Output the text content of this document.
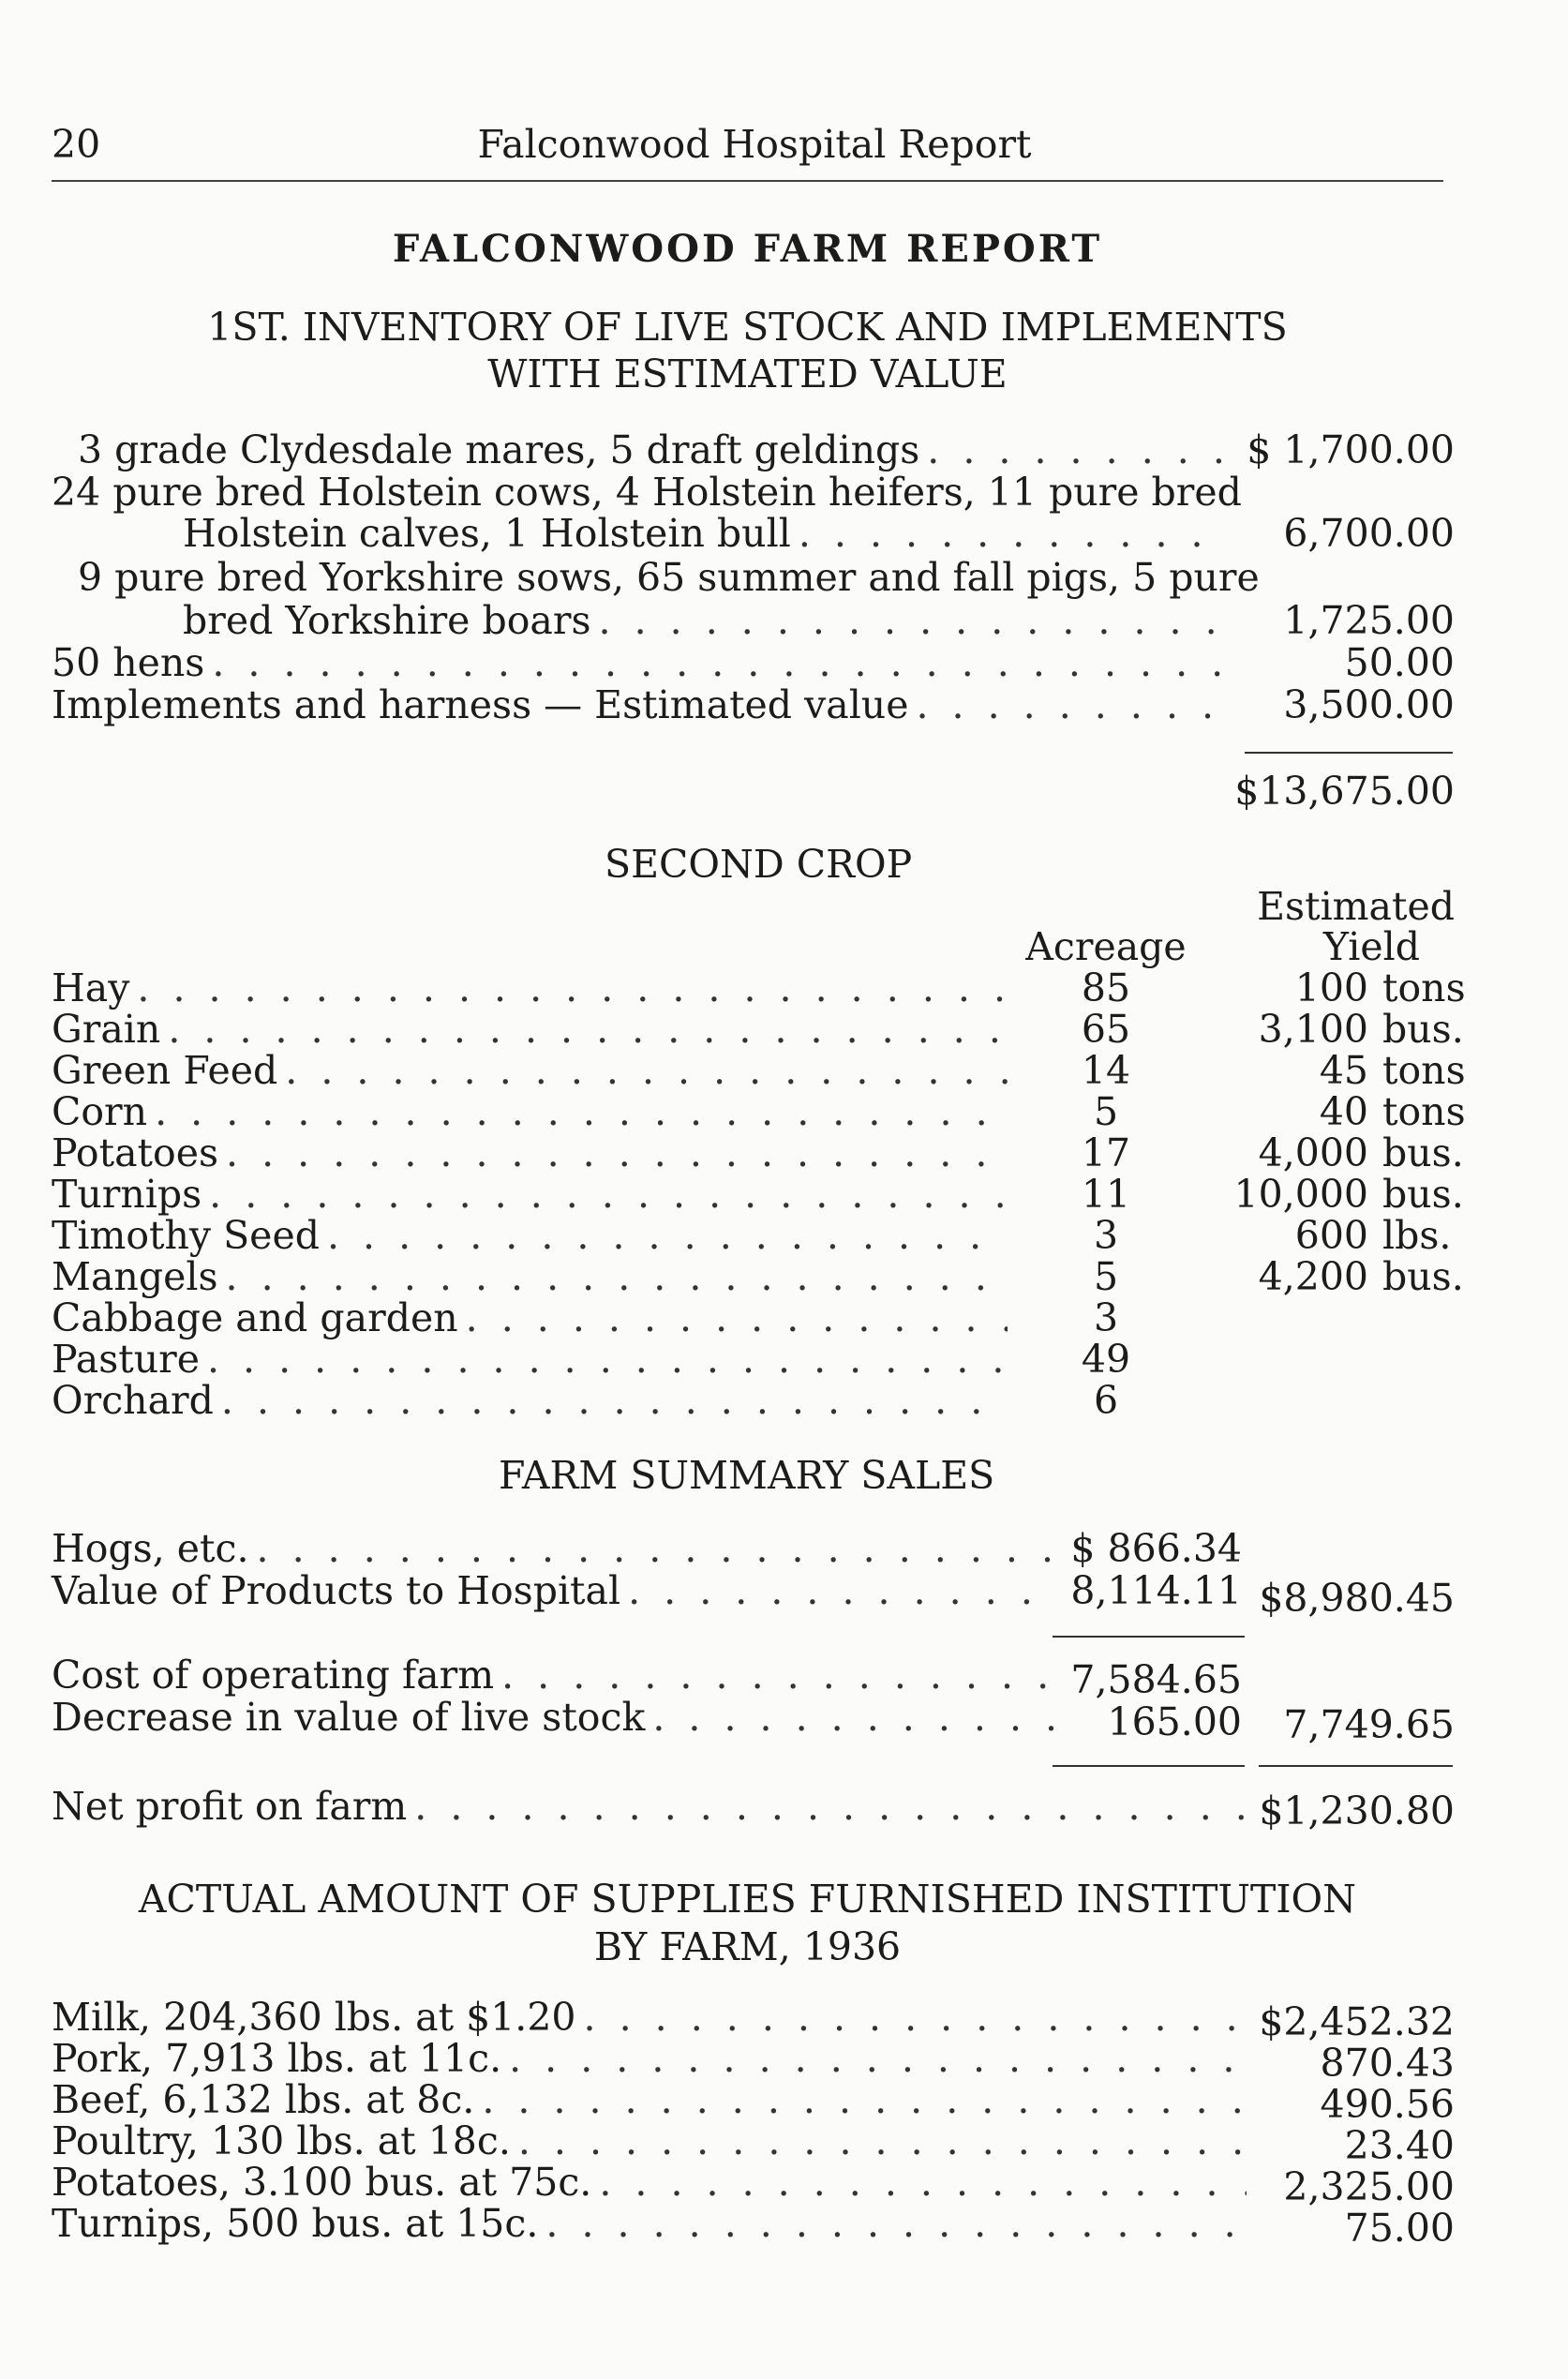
20	Falconwood Hospital Report
FALCONWOOD FARM REPORT
1ST. INVENTORY OF LIVE STOCK AND IMPLEMENTS
WITH ESTIMATED VALUE
3 grade Clydesdale mares, 5 draft geldings . . .	$ 1,700.00
24 pure bred Holstein cows, 4 Holstein heifers, 11 pure bred
Holstein calves, 1 Holstein bull . . .	6,700.00
9 pure bred Yorkshire sows, 65 summer and fall pigs, 5 pure
bred Yorkshire boars . . .	1,725.00
50 hens . . .	50.00
Implements and harness — Estimated value . . .	3,500.00
$13,675.00
SECOND CROP
Estimated
Acreage	Yield
Hay . . .	85	100 tons
Grain . . .	65	3,100 bus.
Green Feed . . .	14	45 tons
Corn . . .	5	40 tons
Potatoes . . .	17	4,000 bus.
Turnips . . .	11	10,000 bus.
Timothy Seed . . .	3	600 lbs.
Mangels . . .	5	4,200 bus.
Cabbage and garden . . .	3
Pasture . . .	49
Orchard . . .	6
FARM SUMMARY SALES
Hogs, etc. . . .	$ 866.34
Value of Products to Hospital . . .	8,114.11 $8,980.45
Cost of operating farm . . .	7,584.65
Decrease in value of live stock . . .	165.00	7,749.65
Net profit on farm . . .	$1,230.80
ACTUAL AMOUNT OF SUPPLIES FURNISHED INSTITUTION
BY FARM, 1936
Milk, 204,360 lbs. at $1.20 . . .	$2,452.32
Pork, 7,913 lbs. at 11c. . . .	870.43
Beef, 6,132 lbs. at 8c. . . .	490.56
Poultry, 130 lbs. at 18c. . . .	23.40
Potatoes, 3.100 bus. at 75c. . . .	2,325.00
Turnips, 500 bus. at 15c. . . .	75.00
